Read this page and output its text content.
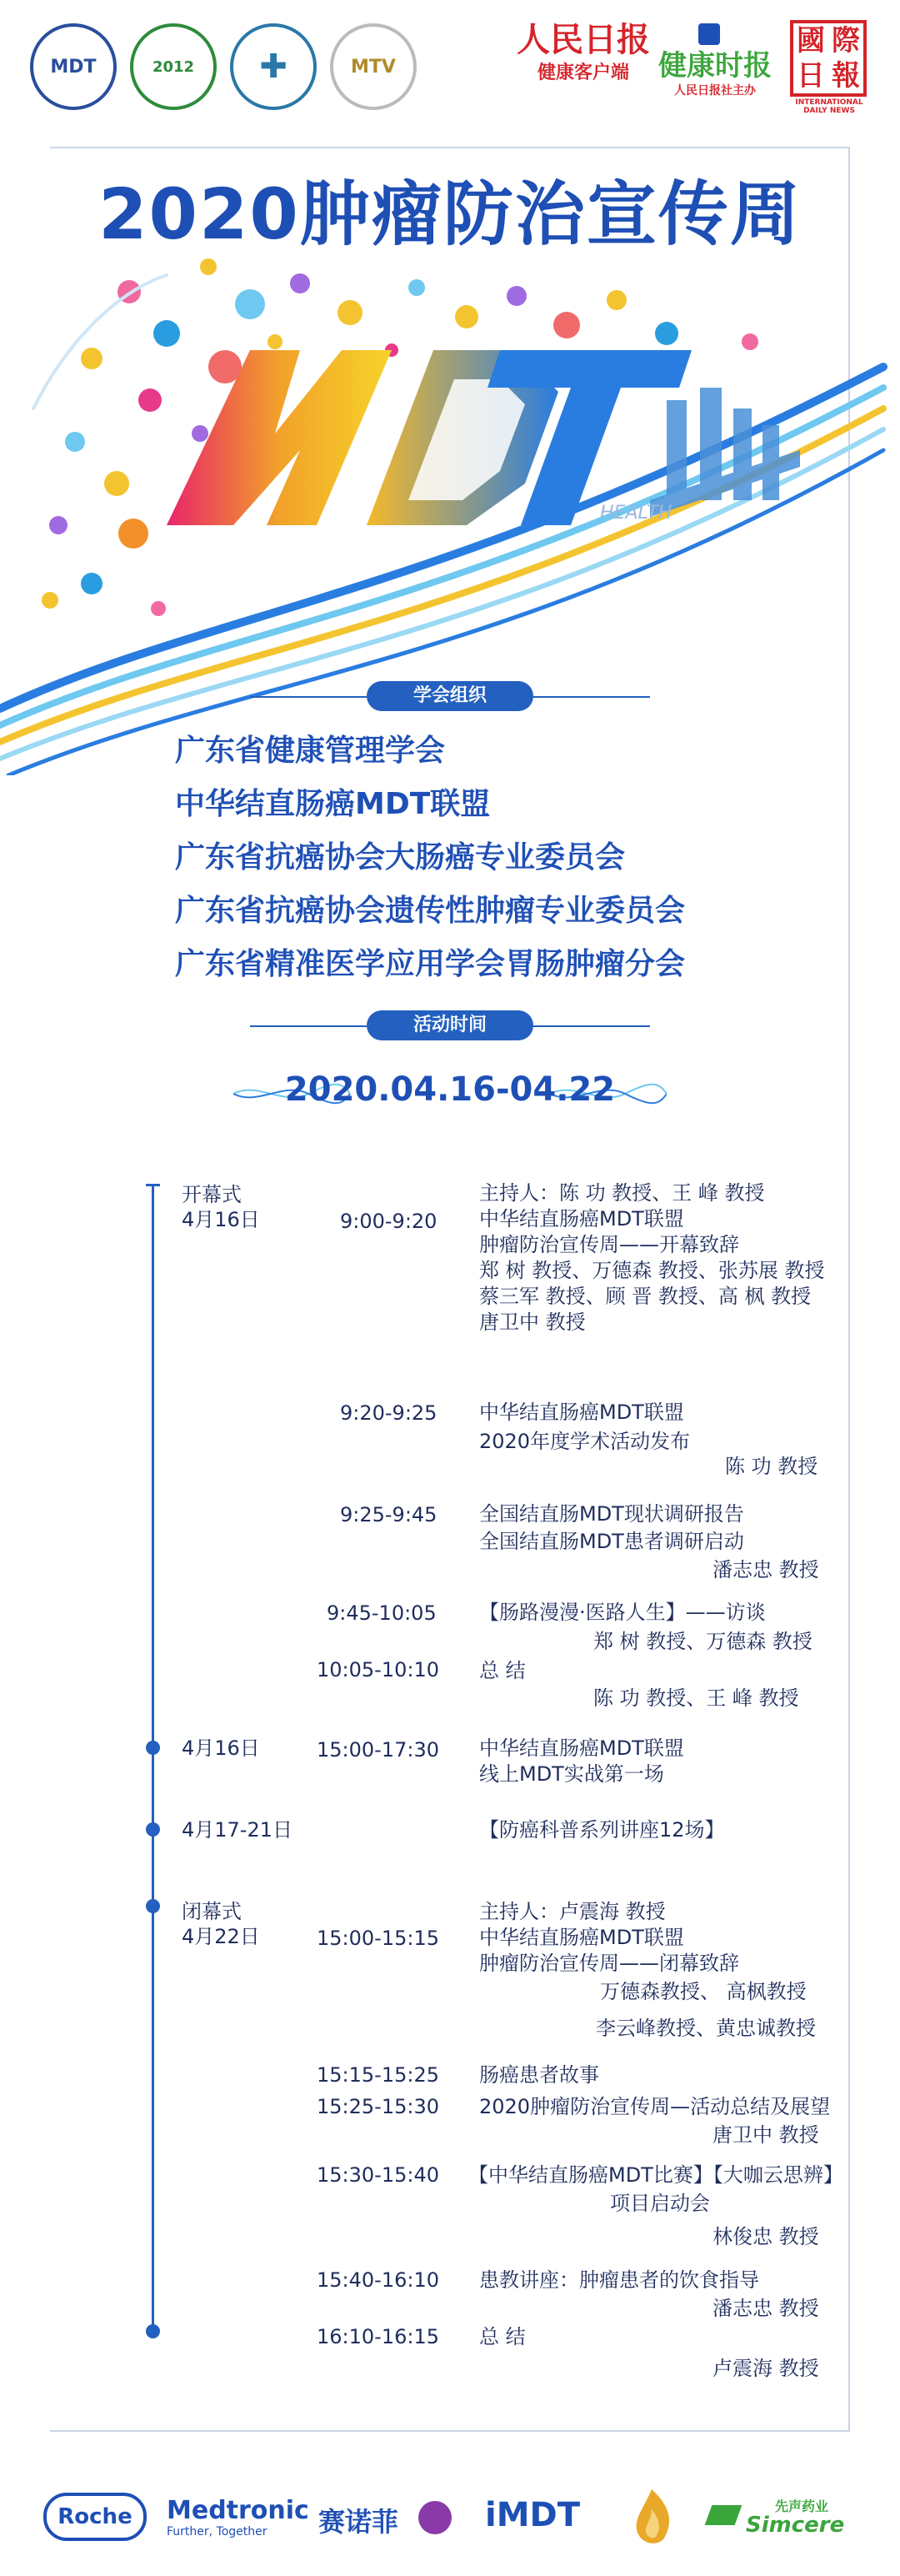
MDT	2012 ✚	MTV
人民日报
健康客户端	健康时报
人民日报社主办
國 際
日 報
INTERNATIONAL DAILY NEWS
2020肿瘤防治宣传周
HEALTH
学会组织
广东省健康管理学会
中华结直肠癌MDT联盟
广东省抗癌协会大肠癌专业委员会
广东省抗癌协会遗传性肿瘤专业委员会
广东省精准医学应用学会胃肠肿瘤分会
活动时间
2020.04.16-04.22
开幕式
4月16日
主持人：陈 功 教授、王 峰 教授
9:00-9:20 中华结直肠癌MDT联盟
肿瘤防治宣传周——开幕致辞
郑 树 教授、万德森 教授、张苏展 教授
蔡三军 教授、顾 晋 教授、高 枫 教授
唐卫中 教授
9:20-9:25 中华结直肠癌MDT联盟
2020年度学术活动发布
陈 功 教授
9:25-9:45 全国结直肠MDT现状调研报告
全国结直肠MDT患者调研启动
潘志忠 教授
9:45-10:05 【肠路漫漫·医路人生】——访谈
郑 树 教授、万德森 教授
10:05-10:10 总 结
陈 功 教授、王 峰 教授
4月16日	15:00-17:30 中华结直肠癌MDT联盟
线上MDT实战第一场
4月17-21日	【防癌科普系列讲座12场】
闭幕式
4月22日
主持人：卢震海 教授
15:00-15:15 中华结直肠癌MDT联盟
肿瘤防治宣传周——闭幕致辞
万德森教授、 高枫教授
李云峰教授、黄忠诚教授
15:15-15:25 肠癌患者故事
15:25-15:30 2020肿瘤防治宣传周—活动总结及展望
唐卫中 教授
15:30-15:40 【中华结直肠癌MDT比赛】【大咖云思辨】
项目启动会
林俊忠 教授
15:40-16:10 患教讲座：肿瘤患者的饮食指导
潘志忠 教授
16:10-16:15 总 结
卢震海 教授
Roche Medtronic
Further, Together	赛诺菲	iMDT	先声药业
Simcere
